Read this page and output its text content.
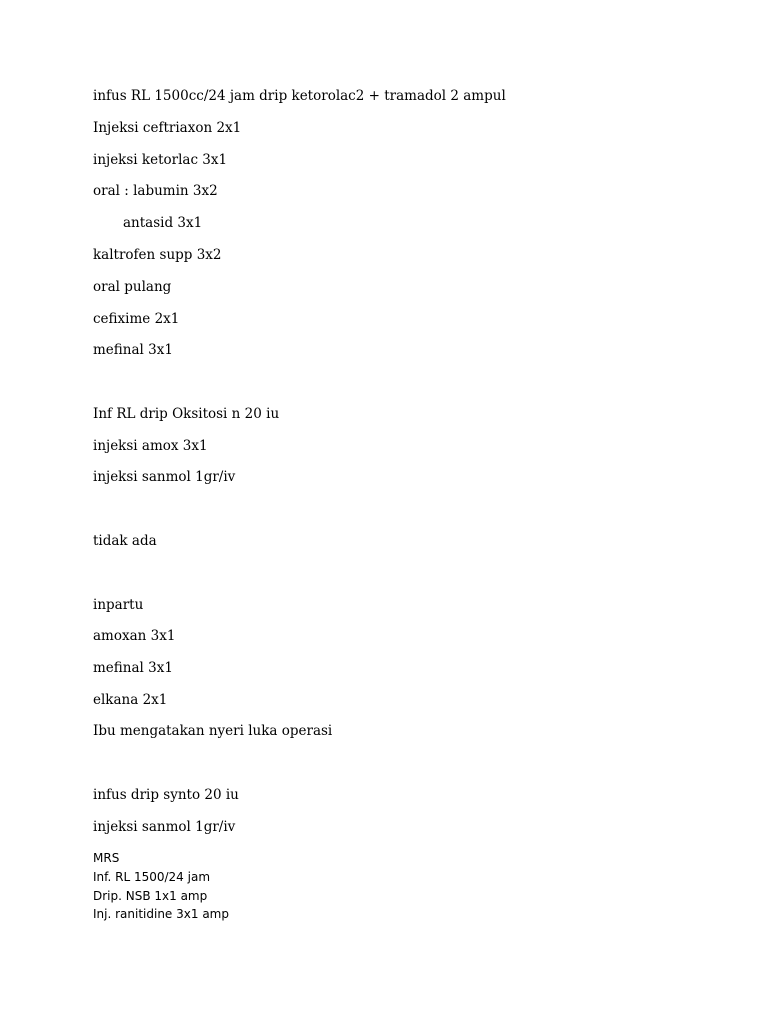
infus RL 1500cc/24 jam drip ketorolac2 + tramadol 2 ampul
Injeksi ceftriaxon 2x1
injeksi ketorlac 3x1
oral : labumin 3x2
antasid 3x1
kaltrofen supp 3x2
oral pulang
cefixime 2x1
mefinal 3x1
Inf RL drip Oksitosi n 20 iu
injeksi amox 3x1
injeksi sanmol 1gr/iv
tidak ada
inpartu
amoxan 3x1
mefinal 3x1
elkana 2x1
Ibu mengatakan nyeri luka operasi
infus drip synto 20 iu
injeksi sanmol 1gr/iv
MRS
Inf. RL 1500/24 jam
Drip. NSB 1x1 amp
Inj. ranitidine 3x1 amp
